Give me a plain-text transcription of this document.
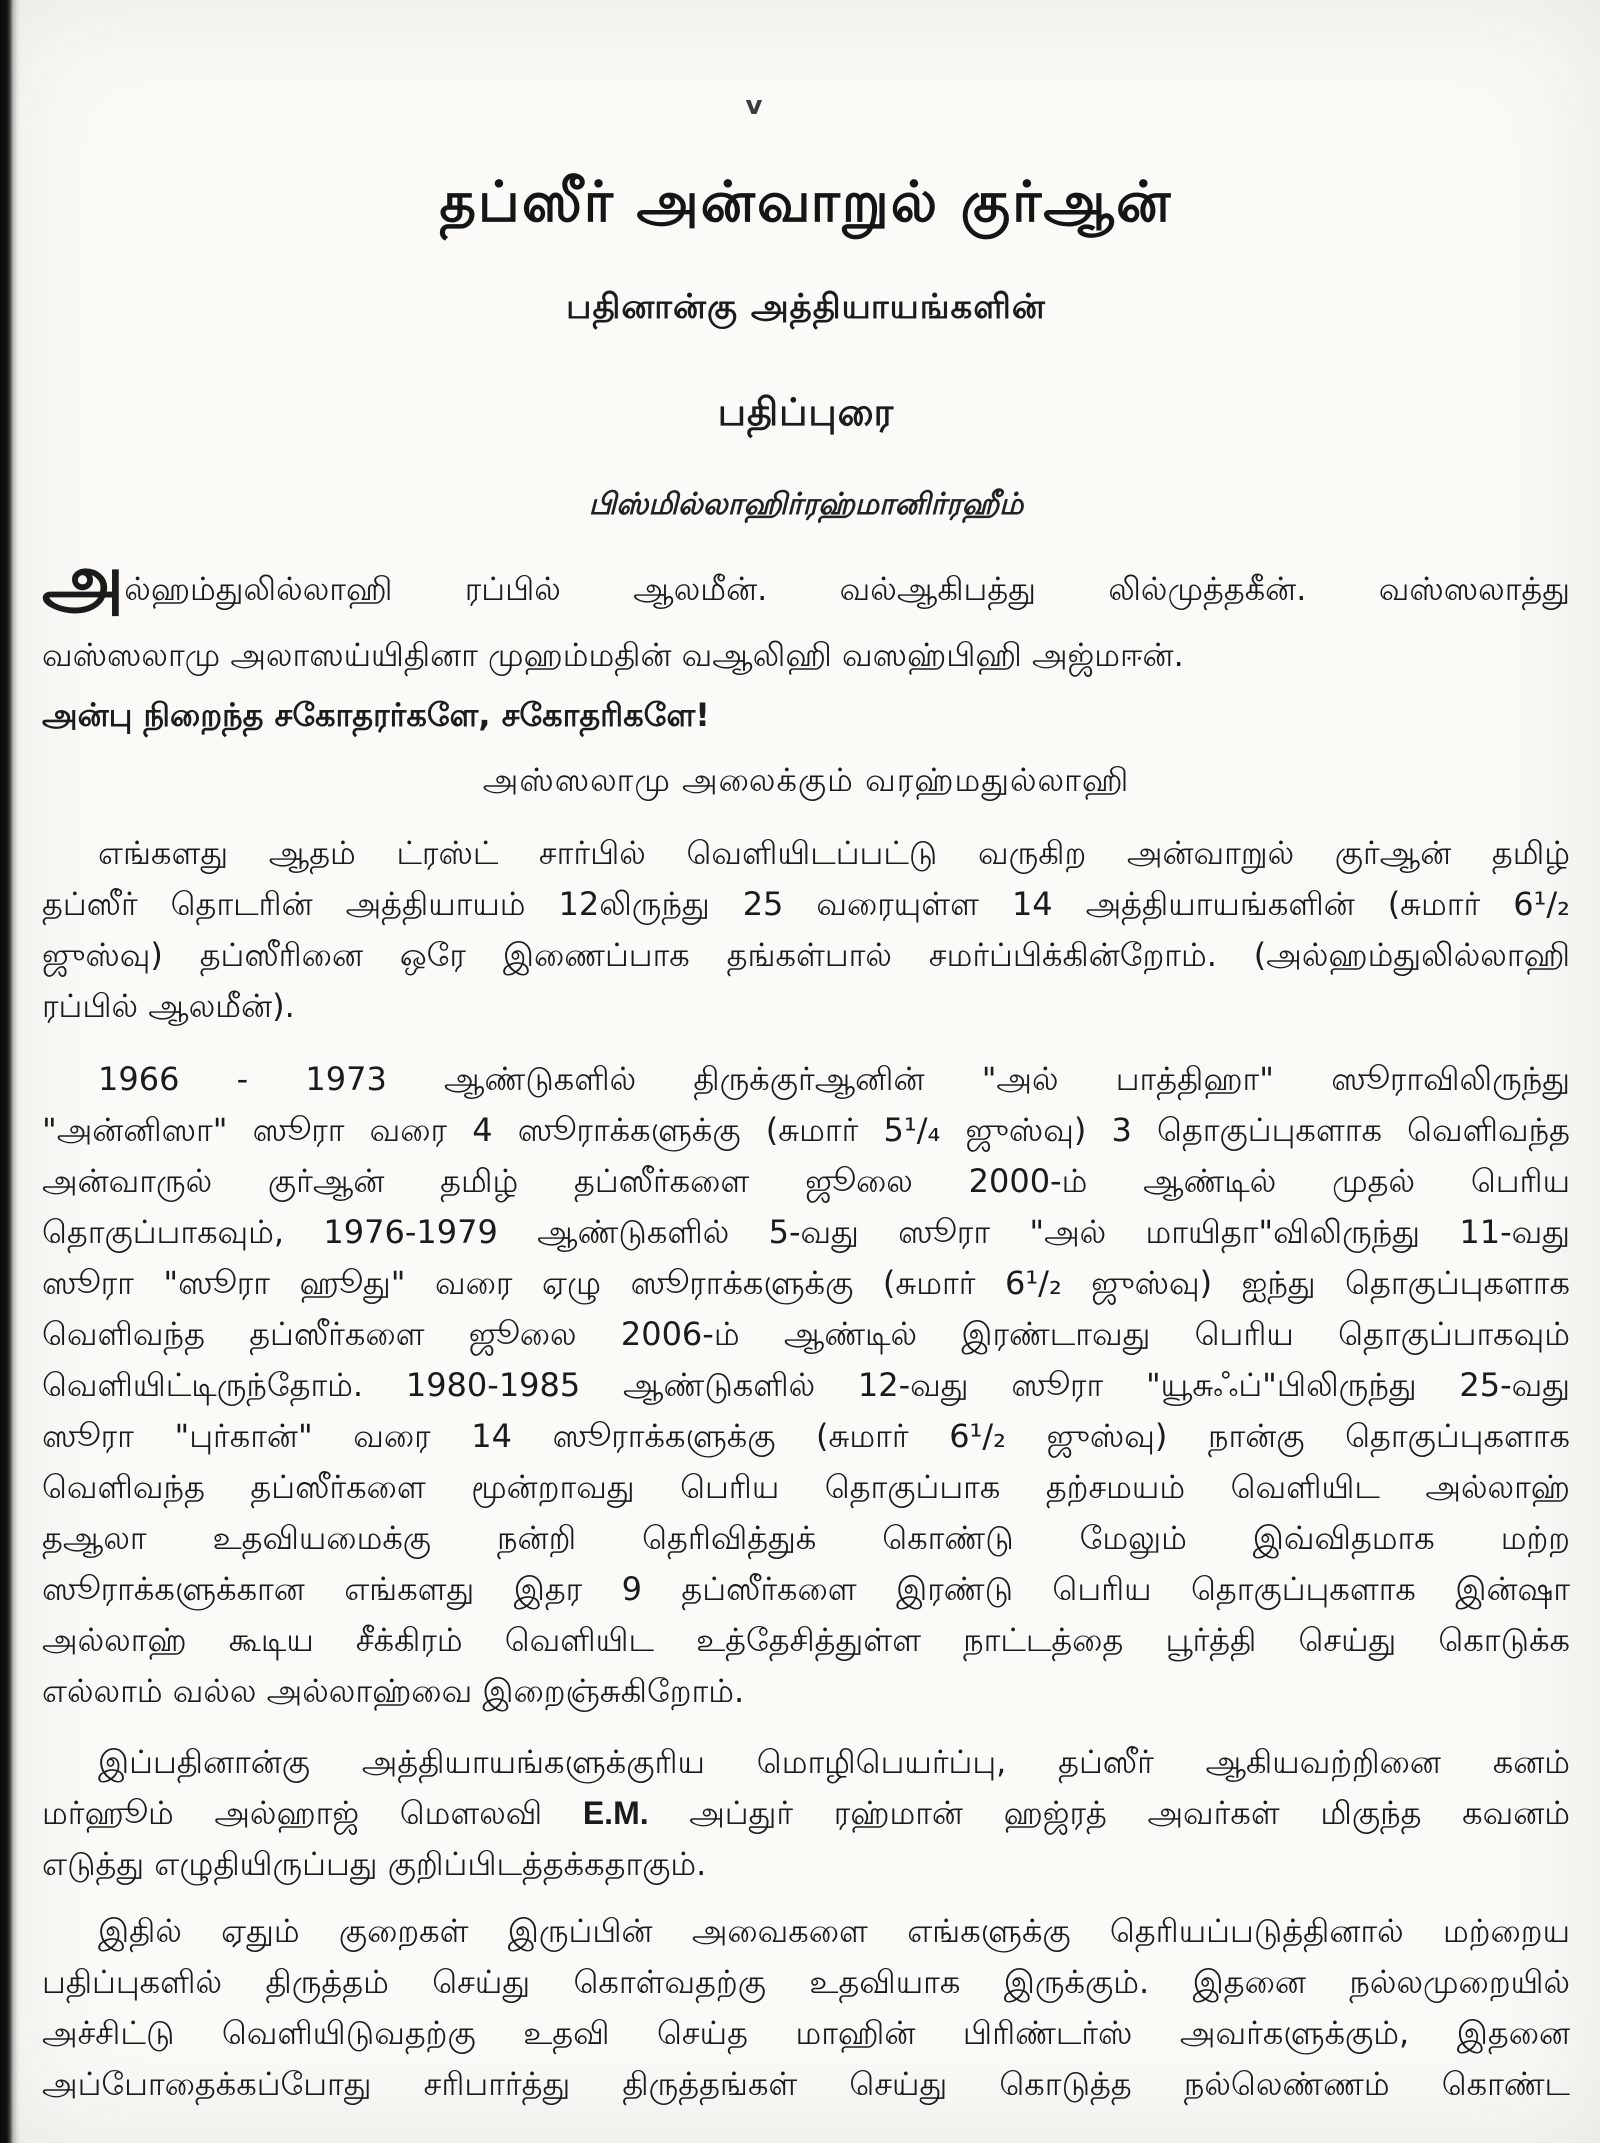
v
தப்ஸீர் அன்வாறுல் குர்ஆன்
பதினான்கு அத்தியாயங்களின்
பதிப்புரை
பிஸ்மில்லாஹிர்ரஹ்மானிர்ரஹீம்
அல்ஹம்துலில்லாஹி ரப்பில் ஆலமீன். வல்ஆகிபத்து லில்முத்தகீன். வஸ்ஸலாத்து
வஸ்ஸலாமு அலாஸய்யிதினா முஹம்மதின் வஆலிஹி வஸஹ்பிஹி அஜ்மஈன்.
அன்பு நிறைந்த சகோதரர்களே, சகோதரிகளே!
அஸ்ஸலாமு அலைக்கும் வரஹ்மதுல்லாஹி
எங்களது ஆதம் ட்ரஸ்ட் சார்பில் வெளியிடப்பட்டு வருகிற அன்வாறுல் குர்ஆன் தமிழ்
தப்ஸீர் தொடரின் அத்தியாயம் 12லிருந்து 25 வரையுள்ள 14 அத்தியாயங்களின் (சுமார் 6¹/₂
ஜுஸ்வு) தப்ஸீரினை ஒரே இணைப்பாக தங்கள்பால் சமர்ப்பிக்கின்றோம். (அல்ஹம்துலில்லாஹி
ரப்பில் ஆலமீன்).
1966 - 1973 ஆண்டுகளில் திருக்குர்ஆனின் "அல் பாத்திஹா" ஸூராவிலிருந்து
"அன்னிஸா" ஸூரா வரை 4 ஸூராக்களுக்கு (சுமார் 5¹/₄ ஜுஸ்வு) 3 தொகுப்புகளாக வெளிவந்த
அன்வாருல் குர்ஆன் தமிழ் தப்ஸீர்களை ஜூலை 2000-ம் ஆண்டில் முதல் பெரிய
தொகுப்பாகவும், 1976-1979 ஆண்டுகளில் 5-வது ஸூரா "அல் மாயிதா"விலிருந்து 11-வது
ஸூரா "ஸூரா ஹூது" வரை ஏழு ஸூராக்களுக்கு (சுமார் 6¹/₂ ஜுஸ்வு) ஐந்து தொகுப்புகளாக
வெளிவந்த தப்ஸீர்களை ஜூலை 2006-ம் ஆண்டில் இரண்டாவது பெரிய தொகுப்பாகவும்
வெளியிட்டிருந்தோம். 1980-1985 ஆண்டுகளில் 12-வது ஸூரா "யூசுஃப்"பிலிருந்து 25-வது
ஸூரா "புர்கான்" வரை 14 ஸூராக்களுக்கு (சுமார் 6¹/₂ ஜுஸ்வு) நான்கு தொகுப்புகளாக
வெளிவந்த தப்ஸீர்களை மூன்றாவது பெரிய தொகுப்பாக தற்சமயம் வெளியிட அல்லாஹ்
தஆலா உதவியமைக்கு நன்றி தெரிவித்துக் கொண்டு மேலும் இவ்விதமாக மற்ற
ஸூராக்களுக்கான எங்களது இதர 9 தப்ஸீர்களை இரண்டு பெரிய தொகுப்புகளாக இன்ஷா
அல்லாஹ் கூடிய சீக்கிரம் வெளியிட உத்தேசித்துள்ள நாட்டத்தை பூர்த்தி செய்து கொடுக்க
எல்லாம் வல்ல அல்லாஹ்வை இறைஞ்சுகிறோம்.
இப்பதினான்கு அத்தியாயங்களுக்குரிய மொழிபெயர்ப்பு, தப்ஸீர் ஆகியவற்றினை கனம்
மர்ஹூம் அல்ஹாஜ் மௌலவி E.M. அப்துர் ரஹ்மான் ஹஜ்ரத் அவர்கள் மிகுந்த கவனம்
எடுத்து எழுதியிருப்பது குறிப்பிடத்தக்கதாகும்.
இதில் ஏதும் குறைகள் இருப்பின் அவைகளை எங்களுக்கு தெரியப்படுத்தினால் மற்றைய
பதிப்புகளில் திருத்தம் செய்து கொள்வதற்கு உதவியாக இருக்கும். இதனை நல்லமுறையில்
அச்சிட்டு வெளியிடுவதற்கு உதவி செய்த மாஹின் பிரிண்டர்ஸ் அவர்களுக்கும், இதனை
அப்போதைக்கப்போது சரிபார்த்து திருத்தங்கள் செய்து கொடுத்த நல்லெண்ணம் கொண்ட
